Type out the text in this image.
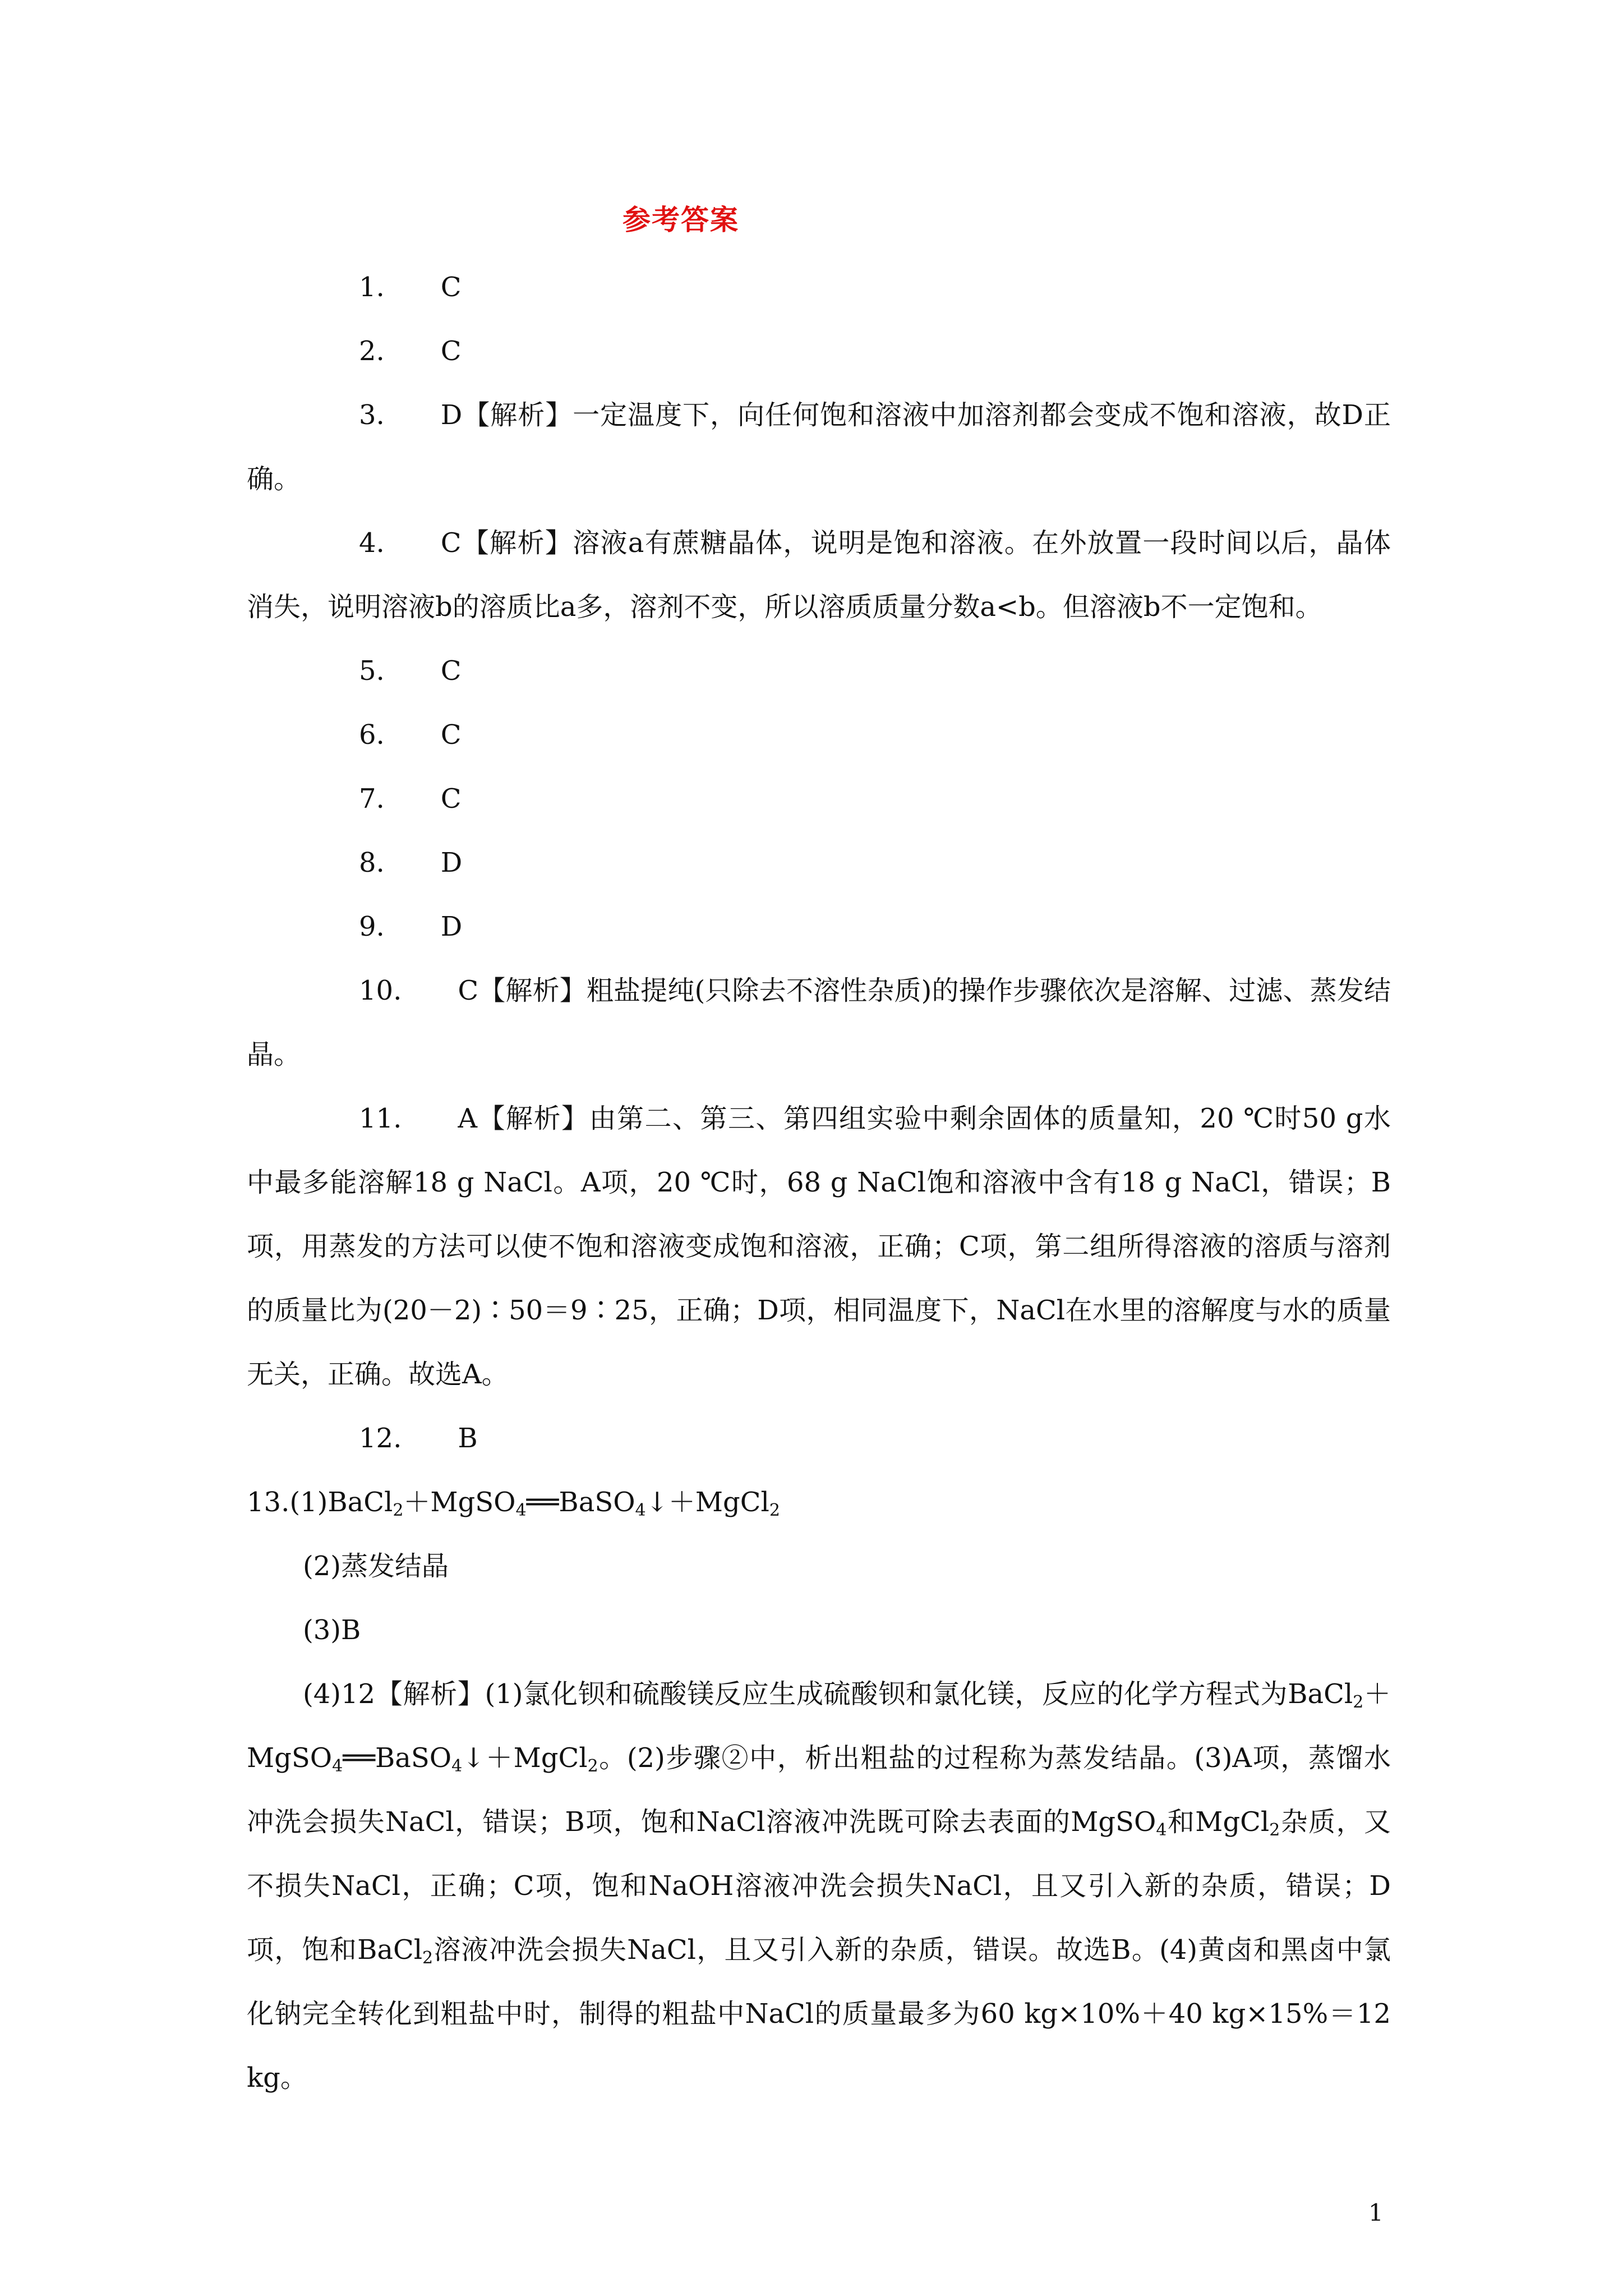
参考答案

1. C

2. C

3. D【解析】一定温度下，向任何饱和溶液中加溶剂都会变成不饱和溶液，故D正确。

4. C【解析】溶液a有蔗糖晶体，说明是饱和溶液。在外放置一段时间以后，晶体消失，说明溶液b的溶质比a多，溶剂不变，所以溶质质量分数a<b。但溶液b不一定饱和。

5. C

6. C

7. C

8. D

9. D

10. C【解析】粗盐提纯(只除去不溶性杂质)的操作步骤依次是溶解、过滤、蒸发结晶。

11. A【解析】由第二、第三、第四组实验中剩余固体的质量知，20 ℃时50 g水中最多能溶解18 g NaCl。A项，20 ℃时，68 g NaCl饱和溶液中含有18 g NaCl，错误；B项，用蒸发的方法可以使不饱和溶液变成饱和溶液，正确；C项，第二组所得溶液的溶质与溶剂的质量比为(20－2)∶50＝9∶25，正确；D项，相同温度下，NaCl在水里的溶解度与水的质量无关，正确。故选A。

12. B

13.(1)BaCl$_2$＋MgSO$_4$══BaSO$_4$↓＋MgCl$_2$

(2)蒸发结晶

(3)B

(4)12【解析】(1)氯化钡和硫酸镁反应生成硫酸钡和氯化镁，反应的化学方程式为BaCl$_2$＋MgSO$_4$══BaSO$_4$↓＋MgCl$_2$。(2)步骤②中，析出粗盐的过程称为蒸发结晶。(3)A项，蒸馏水冲洗会损失NaCl，错误；B项，饱和NaCl溶液冲洗既可除去表面的MgSO$_4$和MgCl$_2$杂质，又不损失NaCl，正确；C项，饱和NaOH溶液冲洗会损失NaCl，且又引入新的杂质，错误；D项，饱和BaCl$_2$溶液冲洗会损失NaCl，且又引入新的杂质，错误。故选B。(4)黄卤和黑卤中氯化钠完全转化到粗盐中时，制得的粗盐中NaCl的质量最多为60 kg×10%＋40 kg×15%＝12 kg。

1
